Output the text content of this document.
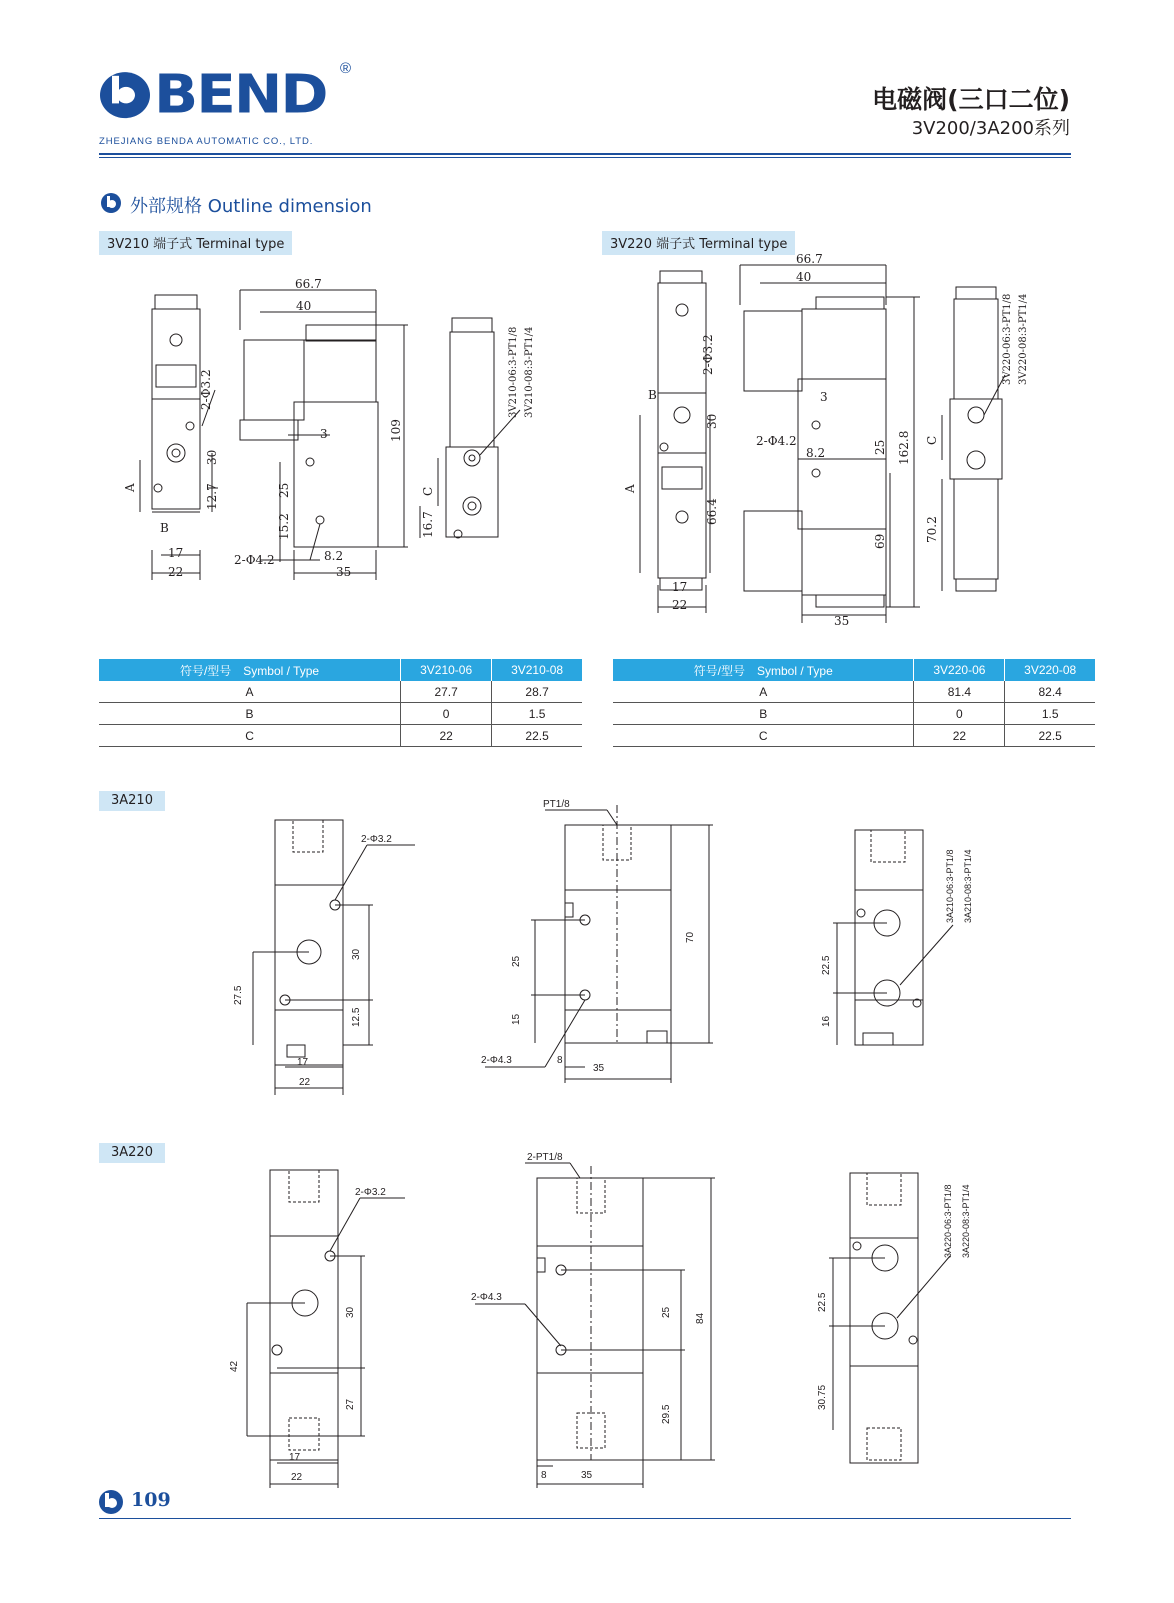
BEND ®
ZHEJIANG BENDA AUTOMATIC CO., LTD.
电磁阀(三口二位)
3V200/3A200系列
外部规格 Outline dimension
3V210 端子式 Terminal type	3V220 端子式 Terminal type
2-Φ3.2
30
12.7
A
B
17
22
66.7
40
109
3
25
15.2
2-Φ4.2	8.2
35
C
16.7
3V210-06:3-PT1/8 3V210-08:3-PT1/4	2-Φ3.2
B
30
A
66.4
17
22
66.7
40
3
2-Φ4.2
8.2	25 162.8
69
35
C
70.2
3V220-06:3-PT1/8 3V220-08:3-PT1/4
符号/型号 Symbol / Type	3V210-06	3V210-08
A	27.7	28.7
B	0	1.5
C	22	22.5
符号/型号 Symbol / Type	3V220-06	3V220-08
A	81.4	82.4
B	0	1.5
C	22	22.5
3A210
2-Φ3.2
30
12.5
27.5
17
22
PT1/8
25
15
70
2-Φ4.3	8
35
22.5
16
3A210-06:3-PT1/8 3A210-08:3-PT1/4
3A220
2-Φ3.2
30
27
42
17
22
2-PT1/8
2-Φ4.3
25
29.5
84
8	35
22.5
30.75
3A220-06:3-PT1/8 3A220-08:3-PT1/4
109
